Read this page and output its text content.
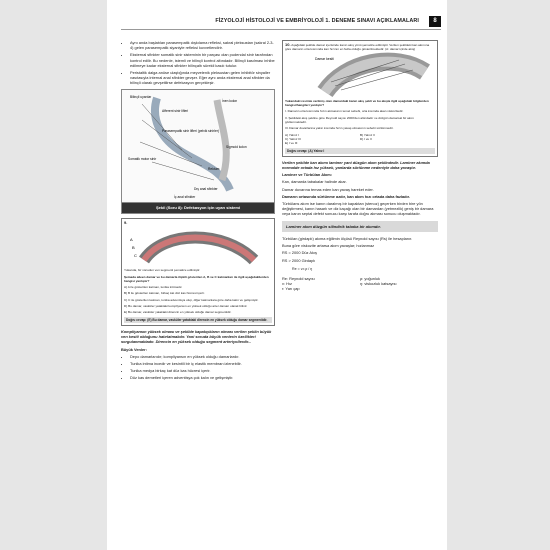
FİZYOLOJİ HİSTOLOJİ VE EMBRİYOLOJİ 1. DENEME SINAVI AÇIKLAMALARI	8
• Aynı anda başlatılan parasempatik dışkılama refleksi, sakral pleksustan (sakral 2-3-4) gelen parasempatik siyaniyle refleksi kuvvetlendirir.
• Eksternal sfinkter somatik sinir sisteminin bir parçası olan pudendal sinir tarafından kontrol edilir. Bu nedenle, istemli ve bilinçli kontrol altındadır. Bilinçli kasılması inhibe edilmeye kadar eksternal sfinkter bilinçaltı sürekli kasılı tutulur.
• Peristaltik dalga anüse ulaştığında meyvelenik pleksustan gelen inhibitör sinyaller vasıtasıyla internal anal sfinkter gevşer. Eğer aynı anda eksternal anal sfinkter da bilinçli olarak gevşetilirse defekasyon gerçekleşir.
Bilinçli uyarılar
Afferent sinir lifleri
Parasempatik sinir lifleri (pelvik sinirler)
Somatik motor sinir
Rektum
Sigmoid kolon
İnen kolon
Dış anal sfinkter
İç anal sfinkter
Şekil (Soru 8): Defekasyon için uyarı sistemi
9.
A
B
C

Yukarıda, bir vücudun ven segmenti şematize edilmiştir.

Şemada aileen damar ve bu damarla ilişkili gösterilen A, B ve C katmanları ile ilgili aşağıdakilerden hangisi yanlıştır?

A) A ile gösterilen katman, tunika intimadır.

B) B ile gösterilen katman, birkaç kat düz kas hücresi içerir.

C) C ile gösterilen katman, tunika adventisya olup, diğer katmanlara göre daha kalın ve gelişmiştir.

D) Bu damar, vasküler yataktaki kompliyansın en yüksek olduğu arter damarı olarak bilinir.

E) Bu damar, vasküler yataktaki direncin en yüksek olduğu damar segmentidir.

Doğru cevap: (E) Bu damar, vasküler yataktaki direncin en yüksek olduğu damar segmentidir.

Kompliyansın yüksek olması ve şekilde kapakçıkların olması verilen şeklin büyük ven kesiti olduğunu hatırlatmalıdır. Yani soruda büyük venlerin özellikleri sorgulanmaktadır. Direncin en yüksek olduğu segment arteriyollerdir...

Büyük Venler:

• Depo damarlarıdır; kompliyansın en yüksek olduğu damarlardır.
• Tunika intima incedir ve kesintili bir iç elastik membran izlenebilir.
• Tunika medya birkaç kat düz kas hücresi içerir.
• Düz kas demetleri içeren adventisya çok kalın ve gelişmiştir.
10. Aşağıdaki şekilde damar içerisinde kanın akış yönü şematize edilmiştir. Verilen şekildeki kan akımına göre damarın orta kısmında kan hızının en fazla olduğu gösterilmektedir. (A: damar içinde akış)
Damar kesiti

Yukarıdaki resimle verilmiş olan damardaki kanın akış şekli ve bu akışla ilgili aşağıdaki bilgilerden hangisi/hangileri yanlıştır?

I. Damarın orta kısmında hızın akmasının temel sebebi, orta kısımda akan viskozitedir.

II. Şekildeki akış şekline göre Reynold sayısı 2000'den altındadır ve düzgün damarsal bir akım gözlenmektedir.

III. Damar duvarlarına yakın kısımda hızın yavaş olmasının sebebi sürtünmedir.

A) Yalnız I	B) Yalnız II
C) Yalnız III	D) I ve II
E) I ve III
Doğru cevap: (A) Yalnız I

Verilen şekilde kan akımı laminer yani düzgün akım şeklindedir. Laminer akımda normalde ortada hız yüksek, yanlarda sürtünme nedeniyle daha yavaştır.

Laminer ve Türbülan Akım:

Kan, damarda tabakalar halinde akar.

Damar duvarına temas eden kan yavaş hareket eder.

Damarın ortasında sürtünme azdır, kan akım hızı ortada daha fazladır.

Türbülans akım ise kanın daralmış bir kapaktan (stenoz) geçerken birden bire yön değiştirmesi, kanın hasarlı ve diz kaçağı olan bir damardan (yetmezlik) geniş bir damara veya kanın septal defekt sonucu karşı tarafa doğru akması sonucu oluşmaktadır.

Laminer akım düzgün silindirik tabaka bir akımdır.

Türbülan (girdaplı) akıma eğilimin ölçüsü Reynold sayısı (Rs) ile hesaplanır.

Buna göre viskozite artarsa akım yavaşlar; hızlanmaz

RS = 2000 Düz Akış

RS > 2000 Girdaplı

Re = v.r.ρ / η
Re: Reynold sayısı	ρ: yoğunluk
v: Hız	η: viskozluk katsayısı
r: Yarı çap
